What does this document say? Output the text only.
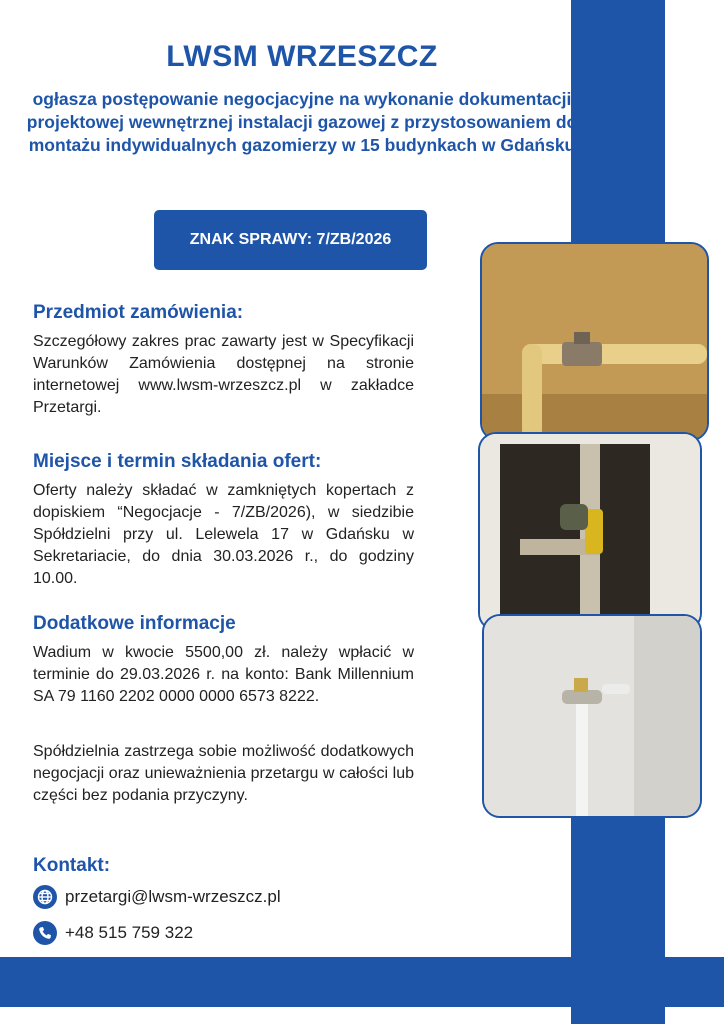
LWSM WRZESZCZ
ogłasza postępowanie negocjacyjne na wykonanie dokumentacji projektowej wewnętrznej instalacji gazowej z przystosowaniem do montażu indywidualnych gazomierzy w 15 budynkach w Gdańsku
ZNAK SPRAWY: 7/ZB/2026
Przedmiot zamówienia:
Szczegółowy zakres prac zawarty jest w Specyfikacji Warunków Zamówienia dostępnej na stronie internetowej www.lwsm-wrzeszcz.pl w zakładce Przetargi.
Miejsce i termin składania ofert:
Oferty należy składać w zamkniętych kopertach z dopiskiem “Negocjacje - 7/ZB/2026), w siedzibie Spółdzielni przy ul. Lelewela 17 w Gdańsku w Sekretariacie, do dnia 30.03.2026 r., do godziny 10.00.
Dodatkowe informacje
Wadium w kwocie 5500,00 zł. należy wpłacić w terminie do 29.03.2026 r. na konto: Bank Millennium SA 79 1160 2202 0000 0000 6573 8222.
Spółdzielnia zastrzega sobie możliwość dodatkowych negocjacji oraz unieważnienia przetargu w całości lub części bez podania przyczyny.
Kontakt:
przetargi@lwsm-wrzeszcz.pl
+48 515 759 322
